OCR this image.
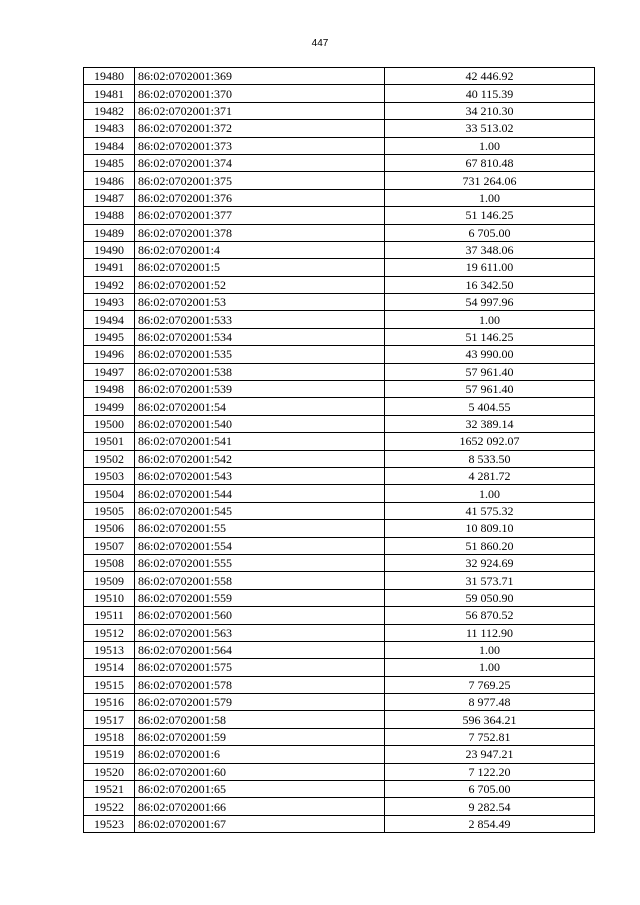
447
19480	86:02:0702001:369	42 446.92
19481	86:02:0702001:370	40 115.39
19482	86:02:0702001:371	34 210.30
19483	86:02:0702001:372	33 513.02
19484	86:02:0702001:373	1.00
19485	86:02:0702001:374	67 810.48
19486	86:02:0702001:375	731 264.06
19487	86:02:0702001:376	1.00
19488	86:02:0702001:377	51 146.25
19489	86:02:0702001:378	6 705.00
19490	86:02:0702001:4	37 348.06
19491	86:02:0702001:5	19 611.00
19492	86:02:0702001:52	16 342.50
19493	86:02:0702001:53	54 997.96
19494	86:02:0702001:533	1.00
19495	86:02:0702001:534	51 146.25
19496	86:02:0702001:535	43 990.00
19497	86:02:0702001:538	57 961.40
19498	86:02:0702001:539	57 961.40
19499	86:02:0702001:54	5 404.55
19500	86:02:0702001:540	32 389.14
19501	86:02:0702001:541	1652 092.07
19502	86:02:0702001:542	8 533.50
19503	86:02:0702001:543	4 281.72
19504	86:02:0702001:544	1.00
19505	86:02:0702001:545	41 575.32
19506	86:02:0702001:55	10 809.10
19507	86:02:0702001:554	51 860.20
19508	86:02:0702001:555	32 924.69
19509	86:02:0702001:558	31 573.71
19510	86:02:0702001:559	59 050.90
19511	86:02:0702001:560	56 870.52
19512	86:02:0702001:563	11 112.90
19513	86:02:0702001:564	1.00
19514	86:02:0702001:575	1.00
19515	86:02:0702001:578	7 769.25
19516	86:02:0702001:579	8 977.48
19517	86:02:0702001:58	596 364.21
19518	86:02:0702001:59	7 752.81
19519	86:02:0702001:6	23 947.21
19520	86:02:0702001:60	7 122.20
19521	86:02:0702001:65	6 705.00
19522	86:02:0702001:66	9 282.54
19523	86:02:0702001:67	2 854.49
